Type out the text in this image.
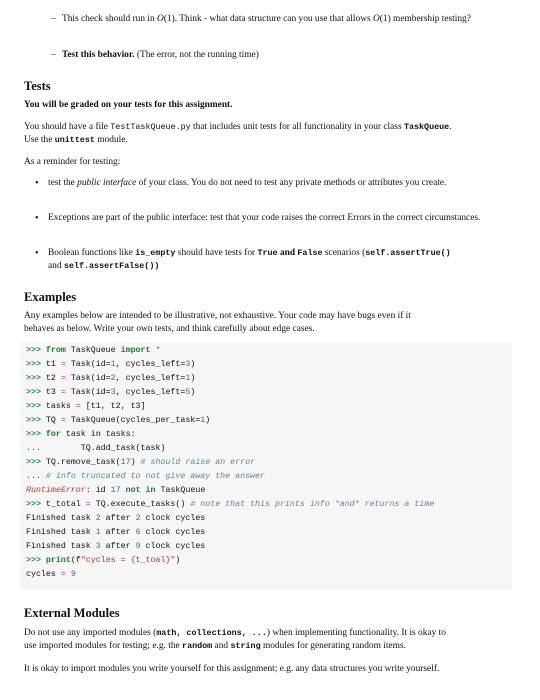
– This check should run in O(1). Think - what data structure can you use that allows O(1) membership testing?
– Test this behavior. (The error, not the running time)
Tests
You will be graded on your tests for this assignment.
You should have a file TestTaskQueue.py that includes unit tests for all functionality in your class TaskQueue.
Use the unittest module.
As a reminder for testing:
• test the public interface of your class. You do not need to test any private methods or attributes you create.
• Exceptions are part of the public interface: test that your code raises the correct Errors in the correct circumstances.
• Boolean functions like is_empty should have tests for True and False scenarios (self.assertTrue()
and self.assertFalse())
Examples
Any examples below are intended to be illustrative, not exhaustive. Your code may have bugs even if it
behaves as below. Write your own tests, and think carefully about edge cases.
>>> from TaskQueue import *
>>> t1 = Task(id=1, cycles_left=3)
>>> t2 = Task(id=2, cycles_left=1)
>>> t3 = Task(id=3, cycles_left=5)
>>> tasks = [t1, t2, t3]
>>> TQ = TaskQueue(cycles_per_task=1)
>>> for task in tasks:
...        TQ.add_task(task)
>>> TQ.remove_task(17) # should raise an error
... # info truncated to not give away the answer
RuntimeError: id 17 not in TaskQueue
>>> t_total = TQ.execute_tasks() # note that this prints info *and* returns a time
Finished task 2 after 2 clock cycles
Finished task 1 after 6 clock cycles
Finished task 3 after 9 clock cycles
>>> print(f"cycles = {t_toal}")
cycles = 9
External Modules
Do not use any imported modules (math, collections, ...) when implementing functionality. It is okay to
use imported modules for testing; e.g. the random and string modules for generating random items.
It is okay to import modules you write yourself for this assignment; e.g. any data structures you write yourself.
